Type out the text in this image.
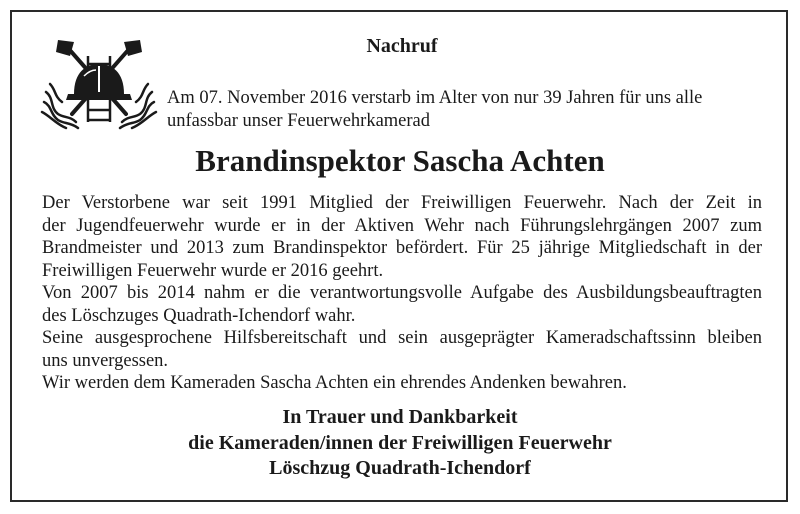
Nachruf

Am 07. November 2016 verstarb im Alter von nur 39 Jahren für uns alle
unfassbar unser Feuerwehrkamerad

Brandinspektor Sascha Achten
Der Verstorbene war seit 1991 Mitglied der Freiwilligen Feuerwehr. Nach der Zeit in
der Jugendfeuerwehr wurde er in der Aktiven Wehr nach Führungslehrgängen 2007 zum
Brandmeister und 2013 zum Brandinspektor befördert. Für 25 jährige Mitgliedschaft in der
Freiwilligen Feuerwehr wurde er 2016 geehrt.
Von 2007 bis 2014 nahm er die verantwortungsvolle Aufgabe des Ausbildungsbeauftragten
des Löschzuges Quadrath-Ichendorf wahr.
Seine ausgesprochene Hilfsbereitschaft und sein ausgeprägter Kameradschaftssinn bleiben
uns unvergessen.
Wir werden dem Kameraden Sascha Achten ein ehrendes Andenken bewahren.
In Trauer und Dankbarkeit
die Kameraden/innen der Freiwilligen Feuerwehr
Löschzug Quadrath-Ichendorf
